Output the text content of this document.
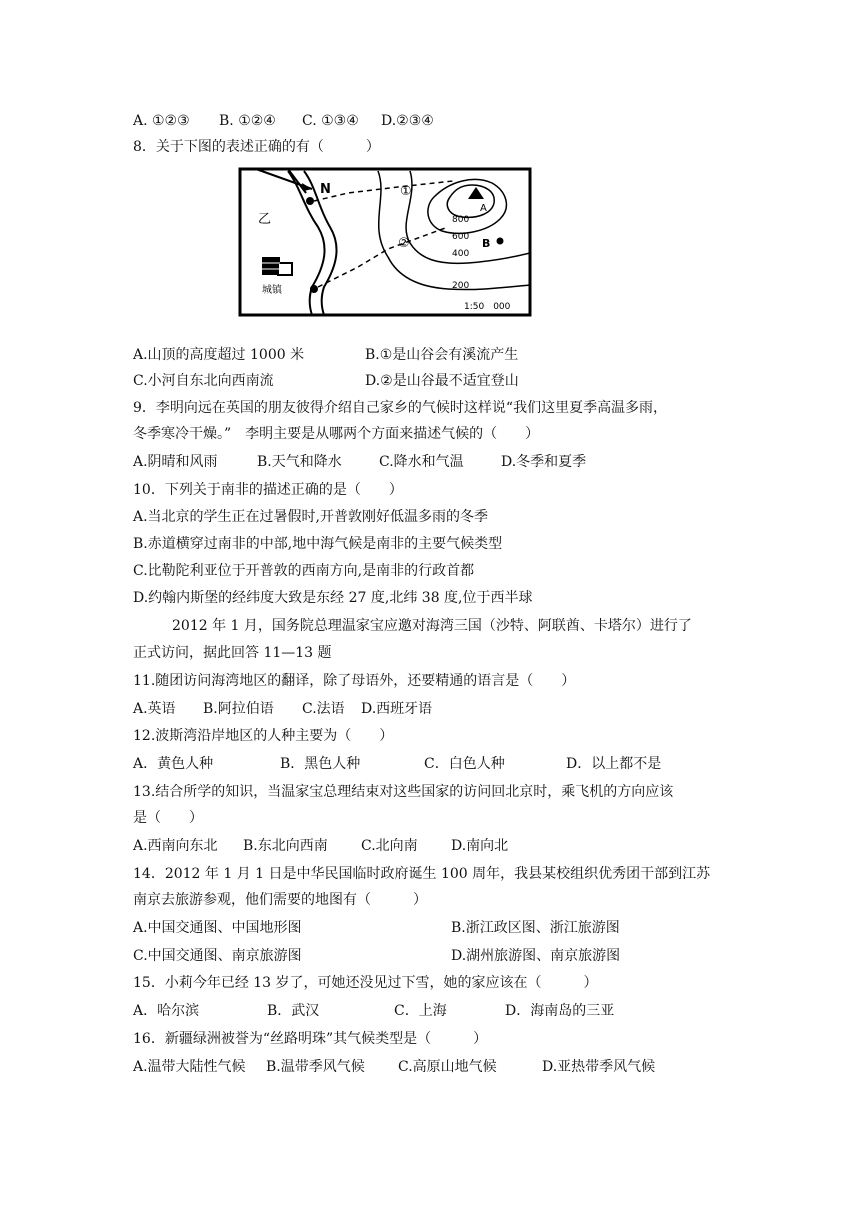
A. ①②③ B. ①②④ C. ①③④ D.②③④
8．关于下图的表述正确的有（　　　）
N
乙
A
B
①
②
800
600
400
200
城镇
1:50　000
A.山顶的高度超过 1000 米	B.①是山谷会有溪流产生
C.小河自东北向西南流	D.②是山谷最不适宜登山
9．李明向远在英国的朋友彼得介绍自己家乡的气候时这样说“我们这里夏季高温多雨，
冬季寒冷干燥。”　李明主要是从哪两个方面来描述气候的（　　）
A.阴晴和风雨	B.天气和降水	C.降水和气温	D.冬季和夏季
10．下列关于南非的描述正确的是（　　）
A.当北京的学生正在过暑假时,开普敦刚好低温多雨的冬季
B.赤道横穿过南非的中部,地中海气候是南非的主要气候类型
C.比勒陀利亚位于开普敦的西南方向,是南非的行政首都
D.约翰内斯堡的经纬度大致是东经 27 度,北纬 38 度,位于西半球
2012 年 1 月，国务院总理温家宝应邀对海湾三国（沙特、阿联酋、卡塔尔）进行了
正式访问，据此回答 11—13 题
11.随团访问海湾地区的翻译，除了母语外，还要精通的语言是（　　）
A.英语 B.阿拉伯语 C.法语 D.西班牙语
12.波斯湾沿岸地区的人种主要为（　　）
A．黄色人种	B．黑色人种	C．白色人种	D．以上都不是
13.结合所学的知识，当温家宝总理结束对这些国家的访问回北京时，乘飞机的方向应该
是（　　）
A.西南向东北 B.东北向西南 C.北向南 D.南向北
14．2012 年 1 月 1 日是中华民国临时政府诞生 100 周年，我县某校组织优秀团干部到江苏
南京去旅游参观，他们需要的地图有（　　　）
A.中国交通图、中国地形图	B.浙江政区图、浙江旅游图
C.中国交通图、南京旅游图	D.湖州旅游图、南京旅游图
15．小莉今年已经 13 岁了，可她还没见过下雪，她的家应该在（　　　）
A．哈尔滨	B．武汉	C．上海	D．海南岛的三亚
16．新疆绿洲被誉为“丝路明珠”其气候类型是（　　　）
A.温带大陆性气候 B.温带季风气候 C.高原山地气候	D.亚热带季风气候
